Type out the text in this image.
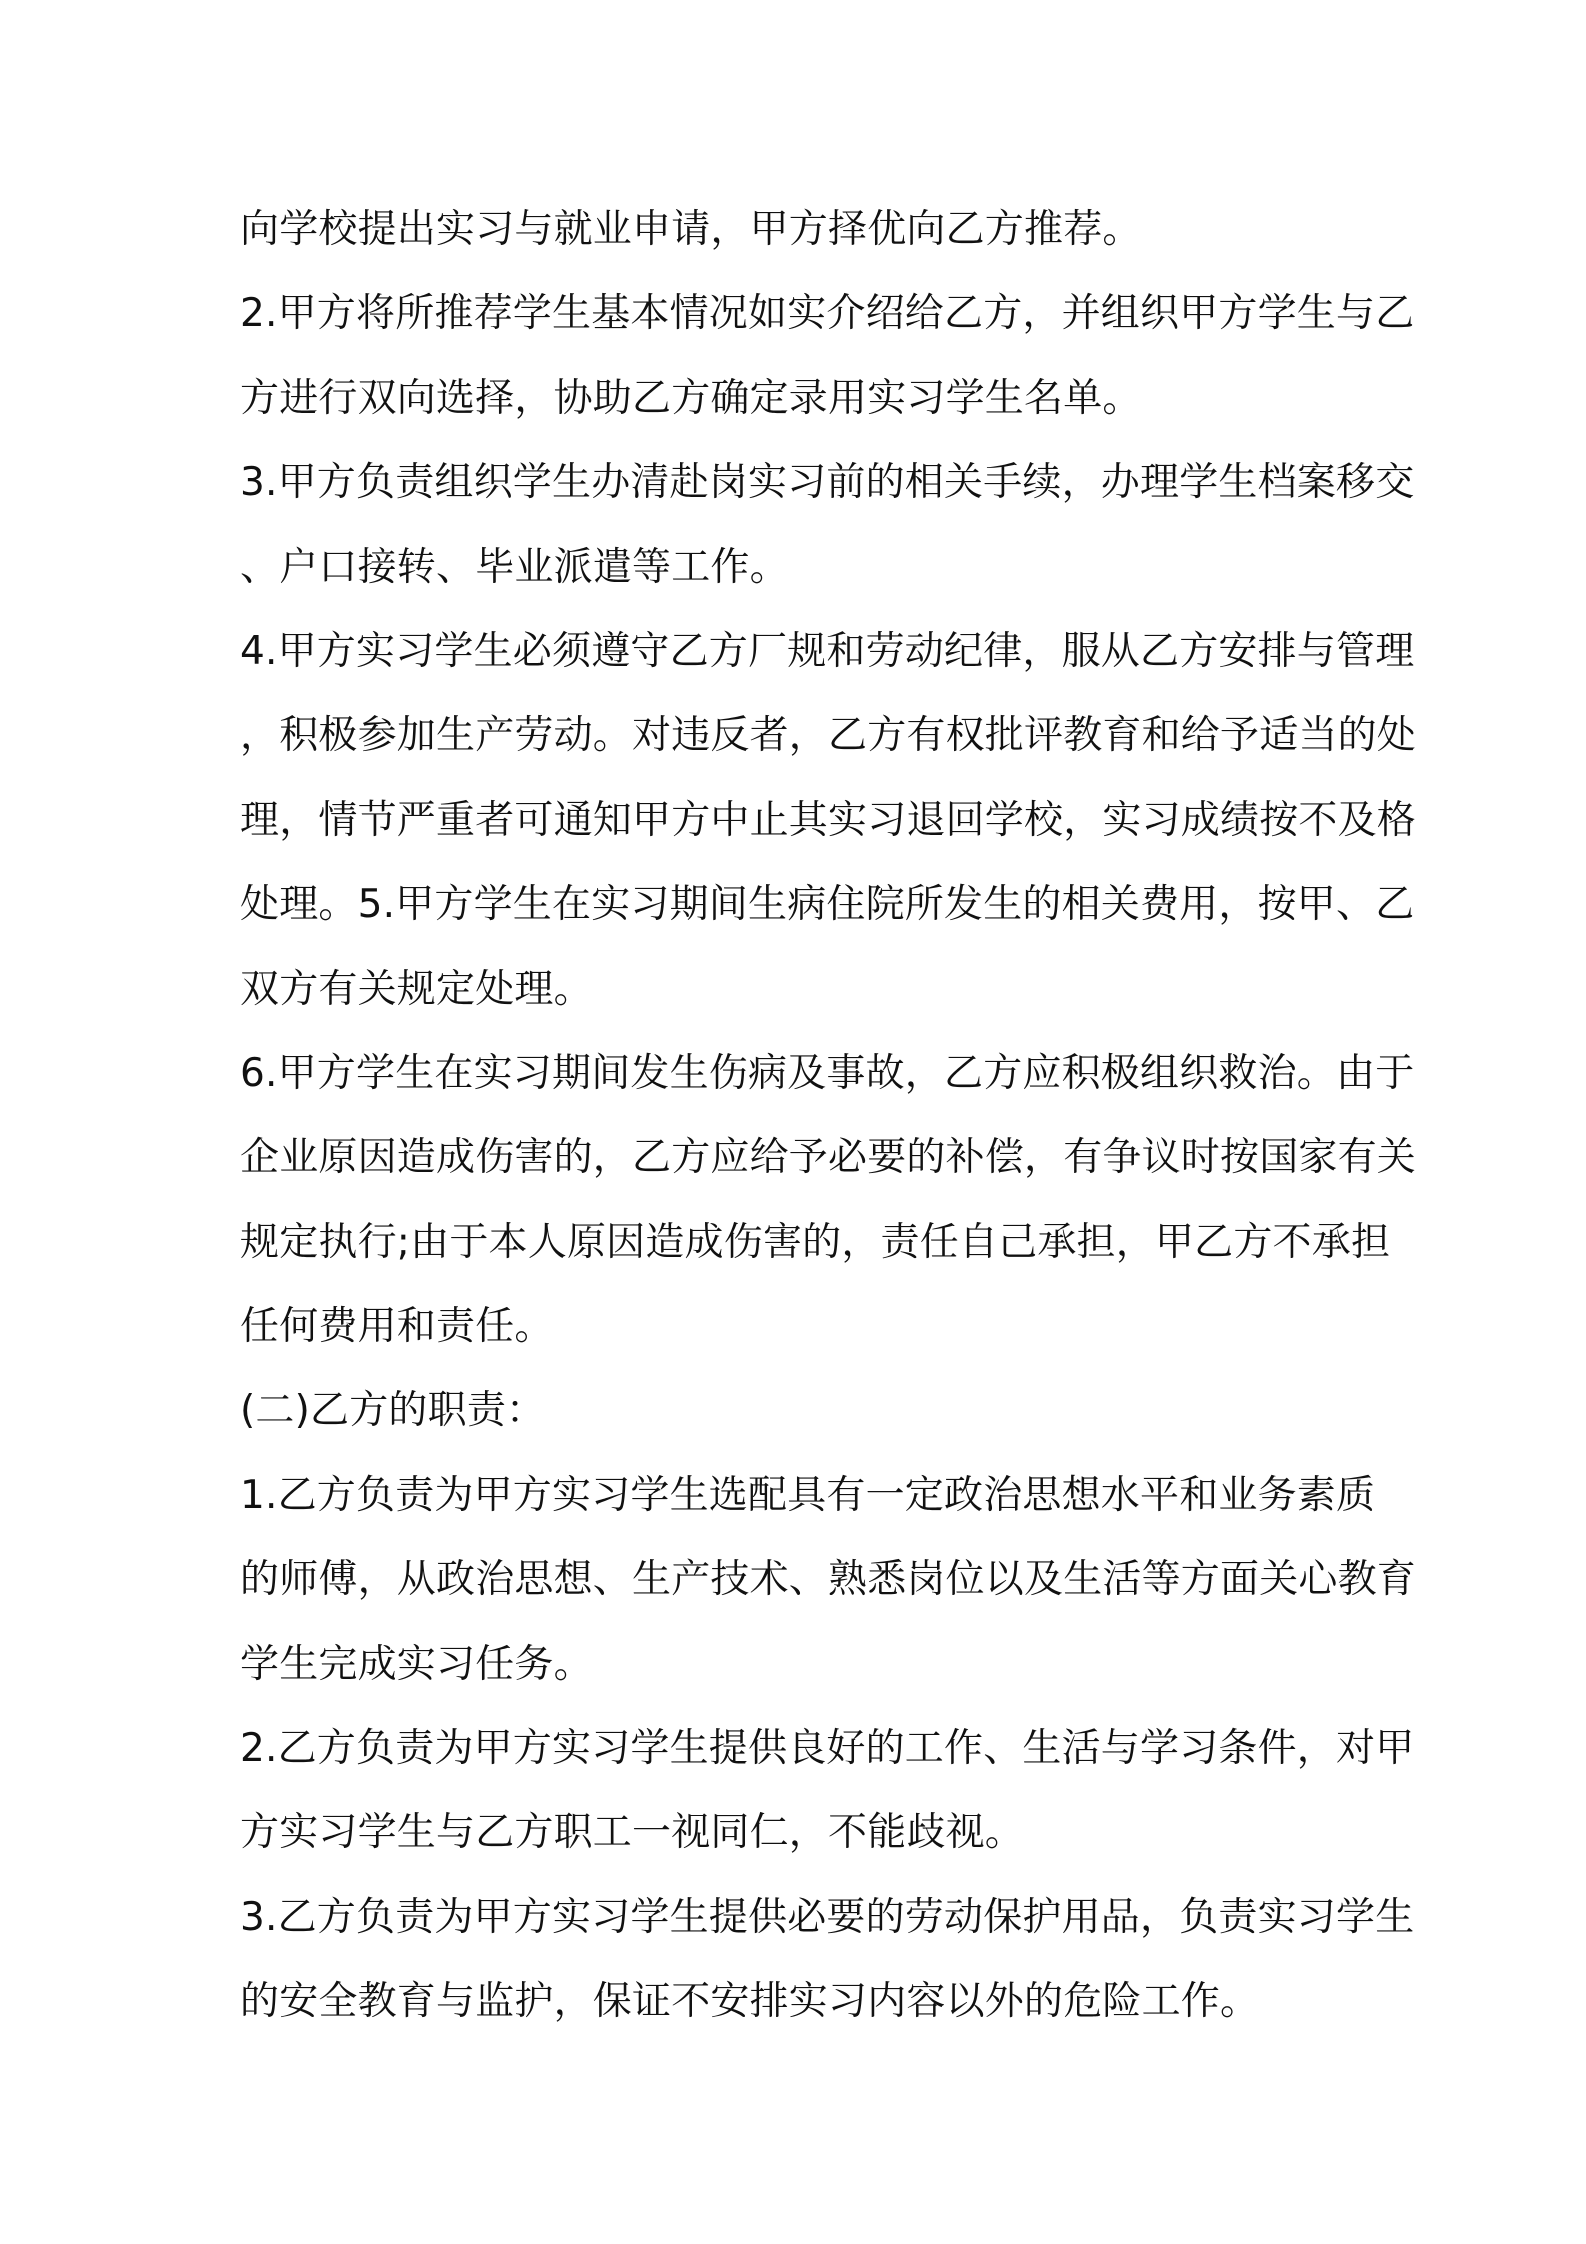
向学校提出实习与就业申请，甲方择优向乙方推荐。
2.甲方将所推荐学生基本情况如实介绍给乙方，并组织甲方学生与乙
方进行双向选择，协助乙方确定录用实习学生名单。
3.甲方负责组织学生办清赴岗实习前的相关手续，办理学生档案移交
、户口接转、毕业派遣等工作。
4.甲方实习学生必须遵守乙方厂规和劳动纪律，服从乙方安排与管理
，积极参加生产劳动。对违反者，乙方有权批评教育和给予适当的处
理，情节严重者可通知甲方中止其实习退回学校，实习成绩按不及格
处理。5.甲方学生在实习期间生病住院所发生的相关费用，按甲、乙
双方有关规定处理。
6.甲方学生在实习期间发生伤病及事故，乙方应积极组织救治。由于
企业原因造成伤害的，乙方应给予必要的补偿，有争议时按国家有关
规定执行;由于本人原因造成伤害的，责任自己承担，甲乙方不承担
任何费用和责任。
(二)乙方的职责：
1.乙方负责为甲方实习学生选配具有一定政治思想水平和业务素质
的师傅，从政治思想、生产技术、熟悉岗位以及生活等方面关心教育
学生完成实习任务。
2.乙方负责为甲方实习学生提供良好的工作、生活与学习条件，对甲
方实习学生与乙方职工一视同仁，不能歧视。
3.乙方负责为甲方实习学生提供必要的劳动保护用品，负责实习学生
的安全教育与监护，保证不安排实习内容以外的危险工作。
